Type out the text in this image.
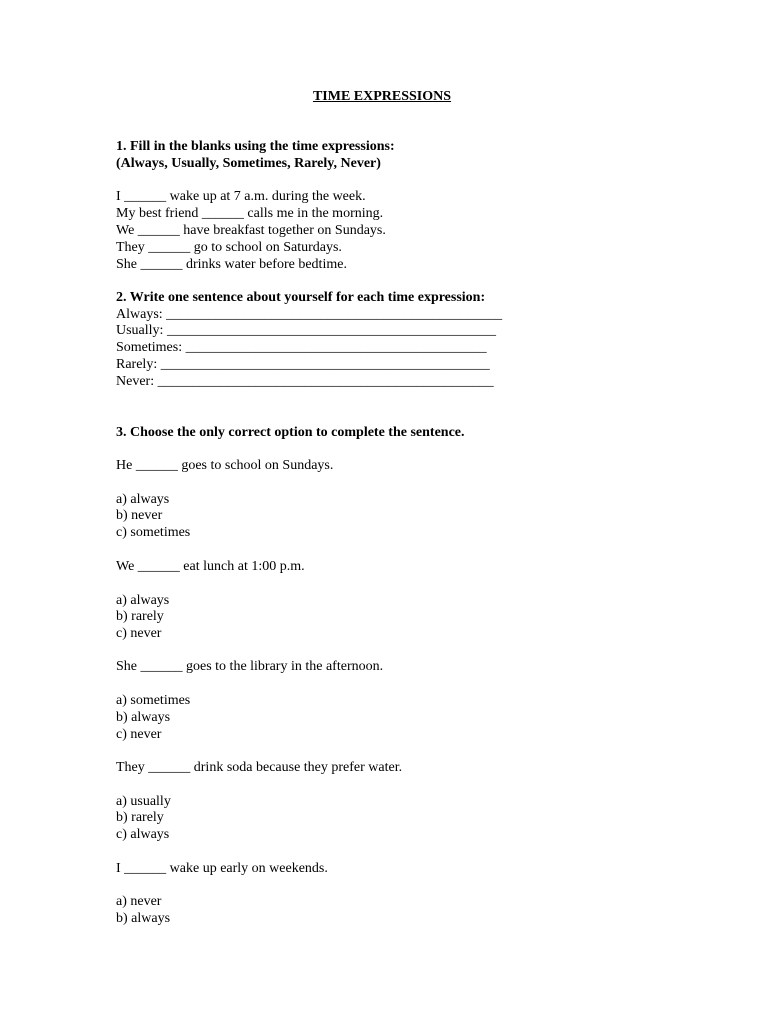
TIME EXPRESSIONS
1. Fill in the blanks using the time expressions:
(Always, Usually, Sometimes, Rarely, Never)
I ______ wake up at 7 a.m. during the week.
My best friend ______ calls me in the morning.
We ______ have breakfast together on Sundays.
They ______ go to school on Saturdays.
She ______ drinks water before bedtime.
2. Write one sentence about yourself for each time expression:
Always: ________________________________________________
Usually: _______________________________________________
Sometimes: ___________________________________________
Rarely: _______________________________________________
Never: ________________________________________________
3. Choose the only correct option to complete the sentence.
He ______ goes to school on Sundays.
a) always
b) never
c) sometimes
We ______ eat lunch at 1:00 p.m.
a) always
b) rarely
c) never
She ______ goes to the library in the afternoon.
a) sometimes
b) always
c) never
They ______ drink soda because they prefer water.
a) usually
b) rarely
c) always
I ______ wake up early on weekends.
a) never
b) always
